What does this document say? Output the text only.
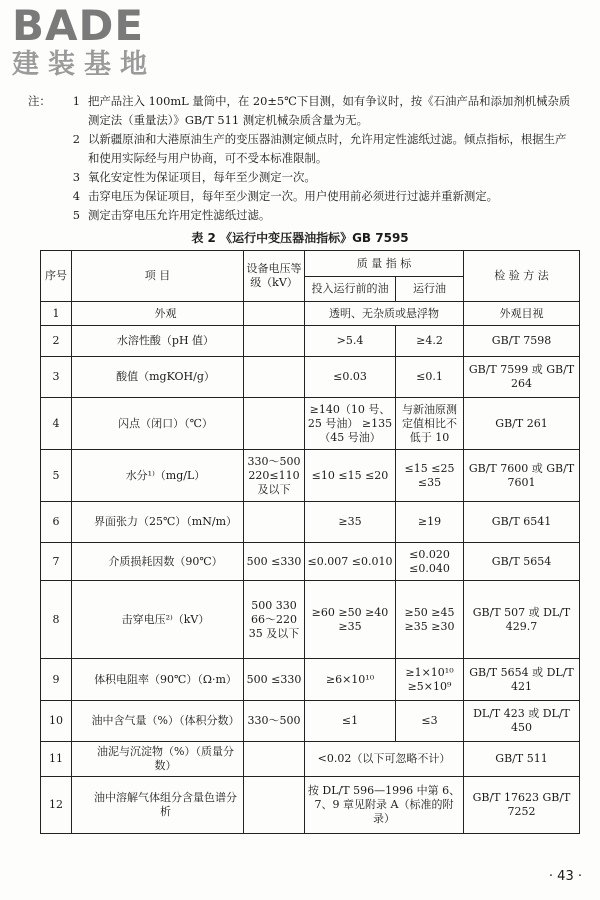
BADE
建装基地
注：	1 把产品注入 100mL 量筒中，在 20±5℃下目测，如有争议时，按《石油产品和添加剂机械杂质测定法（重量法）》GB/T 511 测定机械杂质含量为无。
2 以新疆原油和大港原油生产的变压器油测定倾点时，允许用定性滤纸过滤。倾点指标，根据生产和使用实际经与用户协商，可不受本标准限制。
3 氧化安定性为保证项目，每年至少测定一次。
4 击穿电压为保证项目，每年至少测定一次。用户使用前必须进行过滤并重新测定。
5 测定击穿电压允许用定性滤纸过滤。
表 2 《运行中变压器油指标》GB 7595
序号	项 目	设备电压等级（kV）	质 量 指 标		检 验 方 法
			投入运行前的油	运行油	
1	外观		透明、无杂质或悬浮物		外观目视
2	水溶性酸（pH 值）		>5.4	≥4.2	GB/T 7598
3	酸值（mgKOH/g）		≤0.03	≤0.1	GB/T 7599 或 GB/T 264
4	闪点（闭口）（℃）		≥140（10 号、25 号油） ≥135（45 号油）	与新油原测定值相比不低于 10	GB/T 261
5	水分¹⁾（mg/L）	330～500 220≤110 及以下	≤10 ≤15 ≤20	≤15 ≤25 ≤35	GB/T 7600 或 GB/T 7601
6	界面张力（25℃）（mN/m）		≥35	≥19	GB/T 6541
7	介质损耗因数（90℃）	500 ≤330	≤0.007 ≤0.010	≤0.020 ≤0.040	GB/T 5654
8	击穿电压²⁾（kV）	500 330 66～220 35 及以下	≥60 ≥50 ≥40 ≥35	≥50 ≥45 ≥35 ≥30	GB/T 507 或 DL/T 429.7
9	体积电阻率（90℃）（Ω·m）	500 ≤330	≥6×10¹⁰	≥1×10¹⁰ ≥5×10⁹	GB/T 5654 或 DL/T 421
10	油中含气量（%）（体积分数）	330～500	≤1	≤3	DL/T 423 或 DL/T 450
11	油泥与沉淀物（%）（质量分数）		<0.02（以下可忽略不计）		GB/T 511
12	油中溶解气体组分含量色谱分析		按 DL/T 596—1996 中第 6、7、9 章见附录 A（标准的附录）		GB/T 17623 GB/T 7252
· 43 ·
